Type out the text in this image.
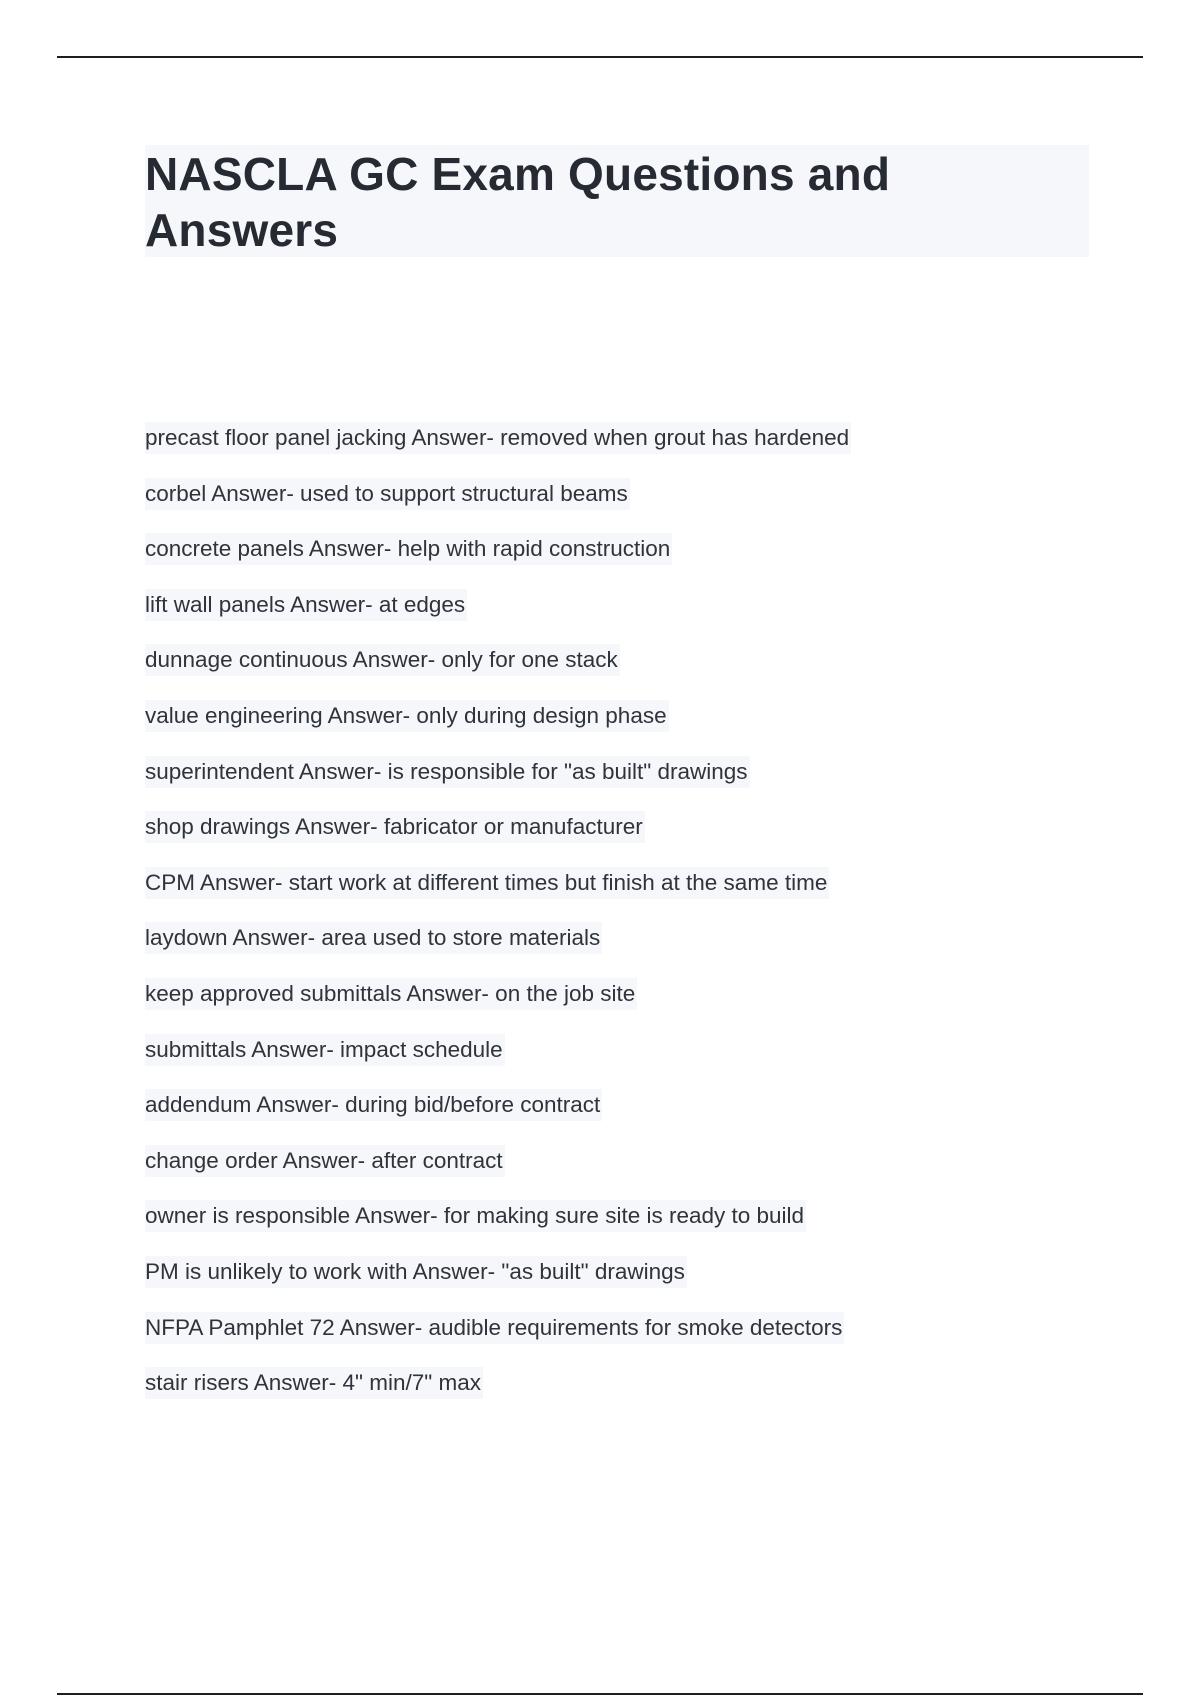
NASCLA GC Exam Questions and Answers
precast floor panel jacking Answer- removed when grout has hardened
corbel Answer- used to support structural beams
concrete panels Answer- help with rapid construction
lift wall panels Answer- at edges
dunnage continuous Answer- only for one stack
value engineering Answer- only during design phase
superintendent Answer- is responsible for "as built" drawings
shop drawings Answer- fabricator or manufacturer
CPM Answer- start work at different times but finish at the same time
laydown Answer- area used to store materials
keep approved submittals Answer- on the job site
submittals Answer- impact schedule
addendum Answer- during bid/before contract
change order Answer- after contract
owner is responsible Answer- for making sure site is ready to build
PM is unlikely to work with Answer- "as built" drawings
NFPA Pamphlet 72 Answer- audible requirements for smoke detectors
stair risers Answer- 4" min/7" max
